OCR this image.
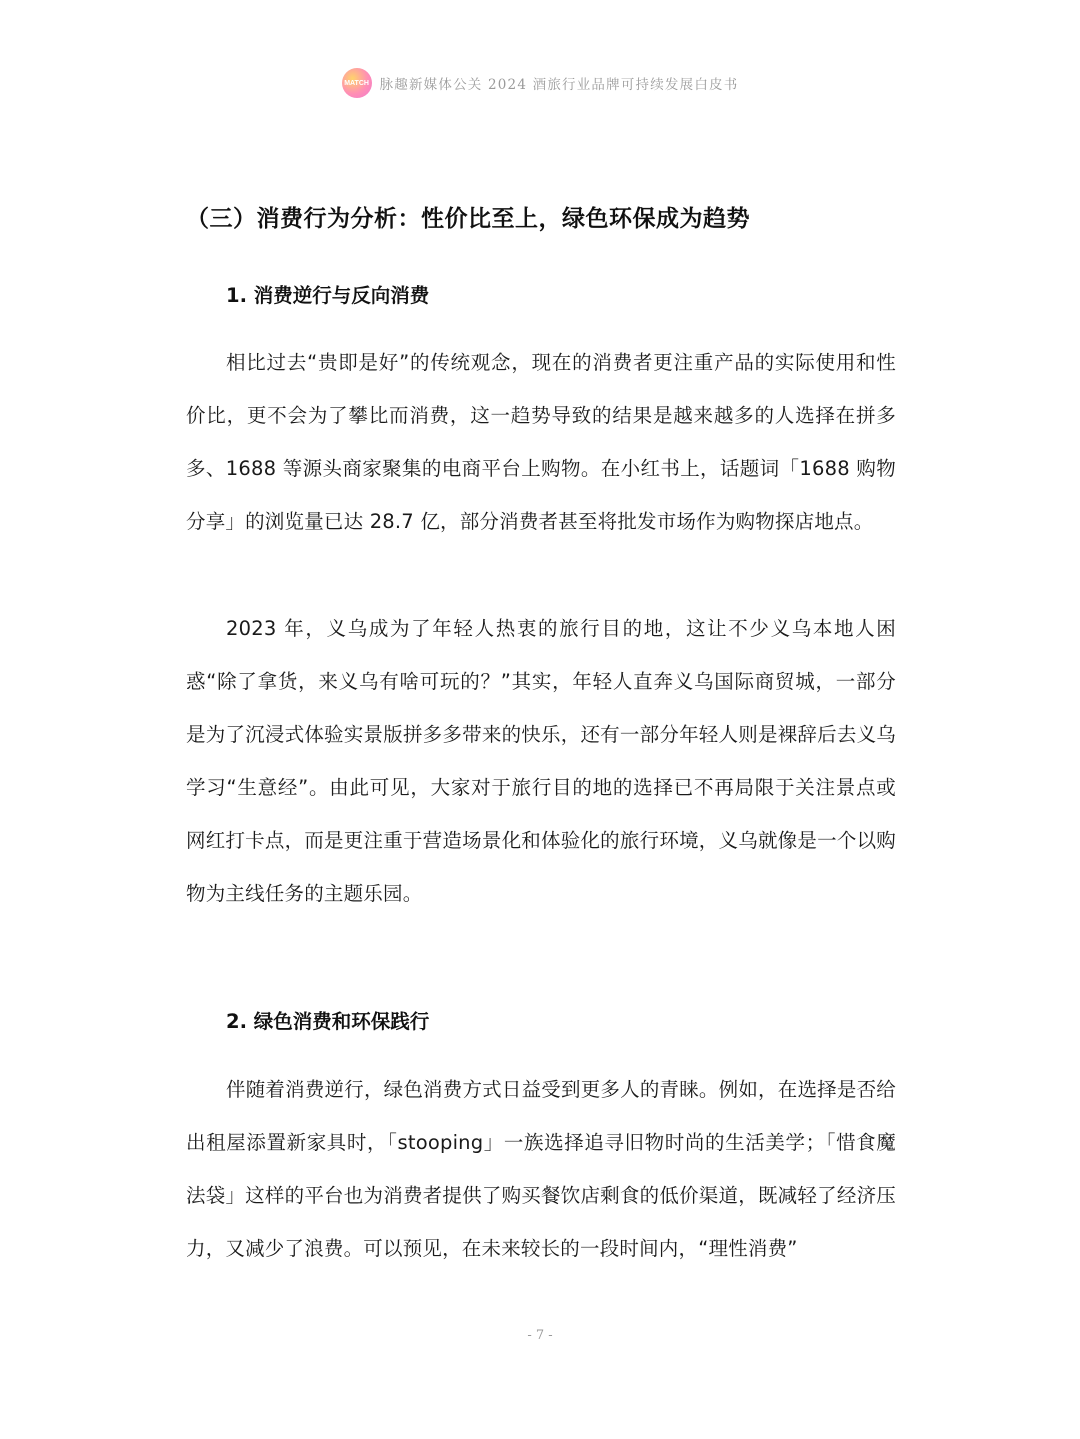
MATCH 脉趣新媒体公关 2024 酒旅行业品牌可持续发展白皮书
（三）消费行为分析：性价比至上，绿色环保成为趋势
1. 消费逆行与反向消费

相比过去“贵即是好”的传统观念，现在的消费者更注重产品的实际使用和性价比，更不会为了攀比而消费，这一趋势导致的结果是越来越多的人选择在拼多多、1688 等源头商家聚集的电商平台上购物。在小红书上，话题词「1688 购物分享」的浏览量已达 28.7 亿，部分消费者甚至将批发市场作为购物探店地点。

2023 年，义乌成为了年轻人热衷的旅行目的地，这让不少义乌本地人困惑“除了拿货，来义乌有啥可玩的？”其实，年轻人直奔义乌国际商贸城，一部分是为了沉浸式体验实景版拼多多带来的快乐，还有一部分年轻人则是裸辞后去义乌学习“生意经”。由此可见，大家对于旅行目的地的选择已不再局限于关注景点或网红打卡点，而是更注重于营造场景化和体验化的旅行环境，义乌就像是一个以购物为主线任务的主题乐园。

2. 绿色消费和环保践行

伴随着消费逆行，绿色消费方式日益受到更多人的青睐。例如，在选择是否给出租屋添置新家具时，「stooping」一族选择追寻旧物时尚的生活美学；「惜食魔法袋」这样的平台也为消费者提供了购买餐饮店剩食的低价渠道，既减轻了经济压力，又减少了浪费。可以预见，在未来较长的一段时间内，“理性消费”

- 7 -
